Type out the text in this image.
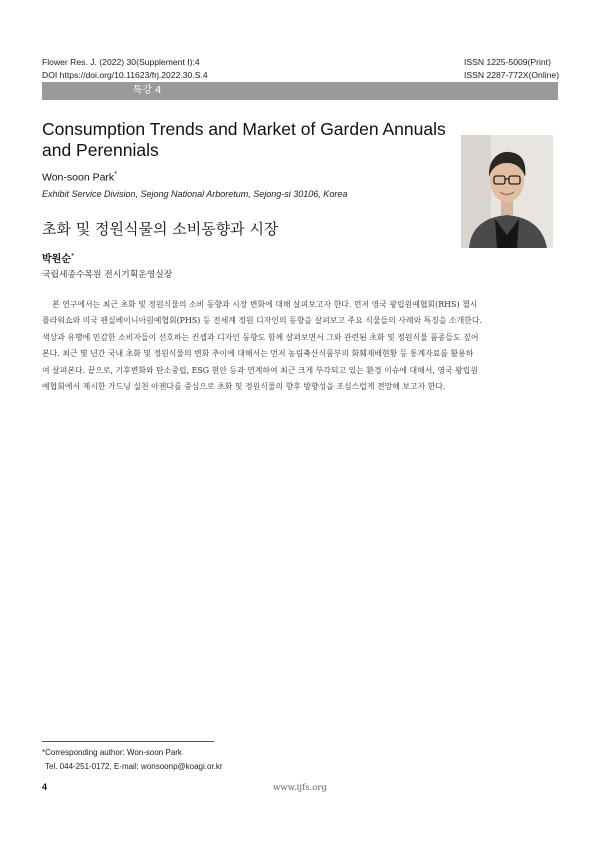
Flower Res. J. (2022) 30(Supplement I):4
DOI https://doi.org/10.11623/frj.2022.30.S.4
ISSN 1225-5009(Print)
ISSN 2287-772X(Online)
특강 4
Consumption Trends and Market of Garden Annuals and Perennials
Won-soon Park*
Exhibit Service Division, Sejong National Arboretum, Sejong-si 30106, Korea
초화 및 정원식물의 소비동향과 시장
박원순*
국립세종수목원 전시기획운영실장
본 연구에서는 최근 초화 및 정원식물의 소비 동향과 시장 변화에 대해 살펴보고자 한다. 먼저 영국 왕립원예협회(RHS) 첼시
플라워쇼와 미국 펜실베이니아원예협회(PHS) 등 전세계 정원 디자인의 동향을 살펴보고 주요 식물들의 사례와 특징을 소개한다.
색상과 유행에 민감한 소비자들이 선호하는 컨셉과 디자인 동향도 함께 살펴보면서 그와 관련된 초화 및 정원식물 품종들도 짚어
본다. 최근 몇 년간 국내 초화 및 정원식물의 변화 추이에 대해서는 먼저 농림축산식품부의 화훼재배현황 등 통계자료를 활용하
여 살펴본다. 끝으로, 기후변화와 탄소중립, ESG 현안 등과 연계하여 최근 크게 부각되고 있는 환경 이슈에 대해서, 영국 왕립원
예협회에서 제시한 가드닝 실천 아젠다를 중심으로 초화 및 정원식물의 향후 방향성을 조심스럽게 전망해 보고자 한다.
*Corresponding author: Won-soon Park
Tel. 044-251-0172, E-mail: wonsoonp@koagi.or.kr
4	www.ijfs.org
